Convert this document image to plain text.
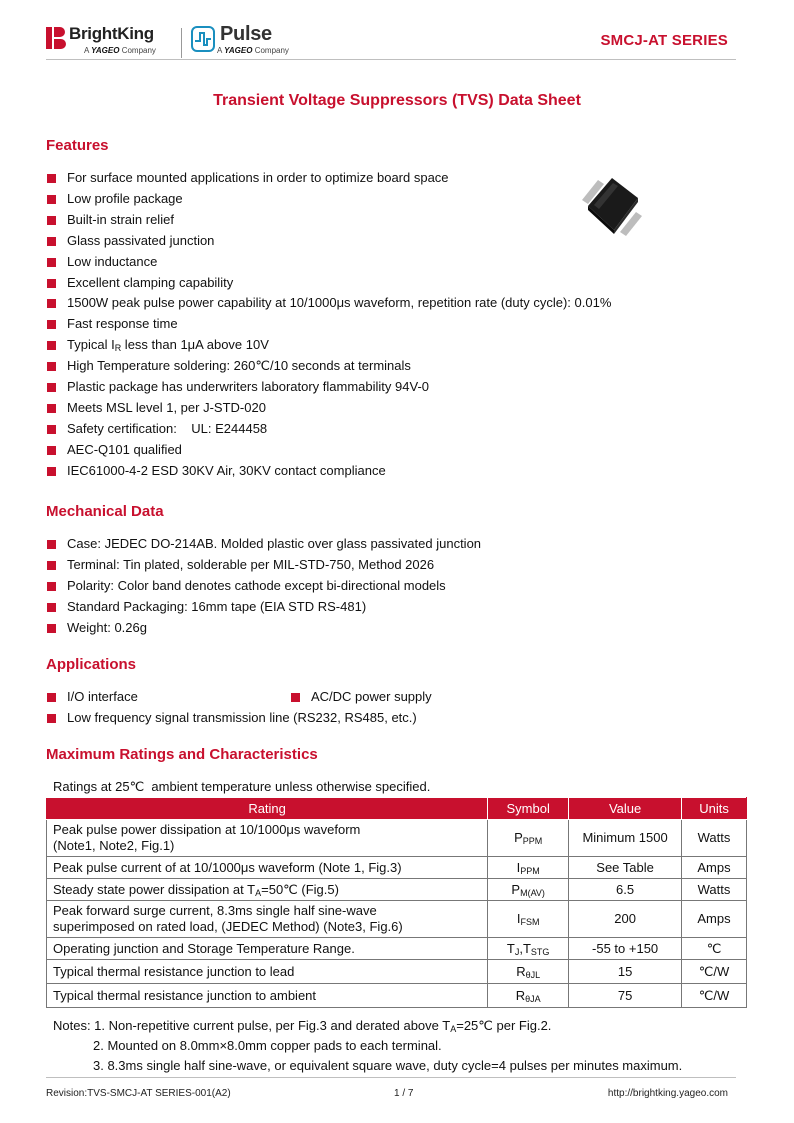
BrightKing
A YAGEO Company
Pulse
A YAGEO Company
SMCJ-AT SERIES
Transient Voltage Suppressors (TVS) Data Sheet
Features
For surface mounted applications in order to optimize board space
Low profile package
Built-in strain relief
Glass passivated junction
Low inductance
Excellent clamping capability
1500W peak pulse power capability at 10/1000μs waveform, repetition rate (duty cycle): 0.01%
Fast response time
Typical $I_R$ less than 1μA above 10V
High Temperature soldering: 260℃/10 seconds at terminals
Plastic package has underwriters laboratory flammability 94V-0
Meets MSL level 1, per J-STD-020
Safety certification:    UL: E244458
AEC-Q101 qualified
IEC61000-4-2 ESD 30KV Air, 30KV contact compliance
Mechanical Data
Case: JEDEC DO-214AB. Molded plastic over glass passivated junction
Terminal: Tin plated, solderable per MIL-STD-750, Method 2026
Polarity: Color band denotes cathode except bi-directional models
Standard Packaging: 16mm tape (EIA STD RS-481)
Weight: 0.26g
Applications
I/O interface
Low frequency signal transmission line (RS232, RS485, etc.)
AC/DC power supply
Maximum Ratings and Characteristics
Ratings at 25℃  ambient temperature unless otherwise specified.
Rating	Symbol	Value	Units
Peak pulse power dissipation at 10/1000μs waveform
(Note1, Note2, Fig.1)	$P_{PPM}$	Minimum 1500	Watts
Peak pulse current of at 10/1000μs waveform (Note 1, Fig.3)	$I_{PPM}$	See Table	Amps
Steady state power dissipation at $T_A=50℃$ (Fig.5)	$P_{M(AV)}$	6.5	Watts
Peak forward surge current, 8.3ms single half sine-wave
superimposed on rated load, (JEDEC Method) (Note3, Fig.6)	$I_{FSM}$	200	Amps
Operating junction and Storage Temperature Range.	$T_J,T_{STG}$	-55 to +150	℃
Typical thermal resistance junction to lead	$R_{\theta JL}$	15	℃/W
Typical thermal resistance junction to ambient	$R_{\theta JA}$	75	℃/W
Notes: 1. Non-repetitive current pulse, per Fig.3 and derated above $T_A=25℃$ per Fig.2.
2. Mounted on 8.0mm×8.0mm copper pads to each terminal.
3. 8.3ms single half sine-wave, or equivalent square wave, duty cycle=4 pulses per minutes maximum.
Revision:TVS-SMCJ-AT SERIES-001(A2)	1 / 7	http://brightking.yageo.com
